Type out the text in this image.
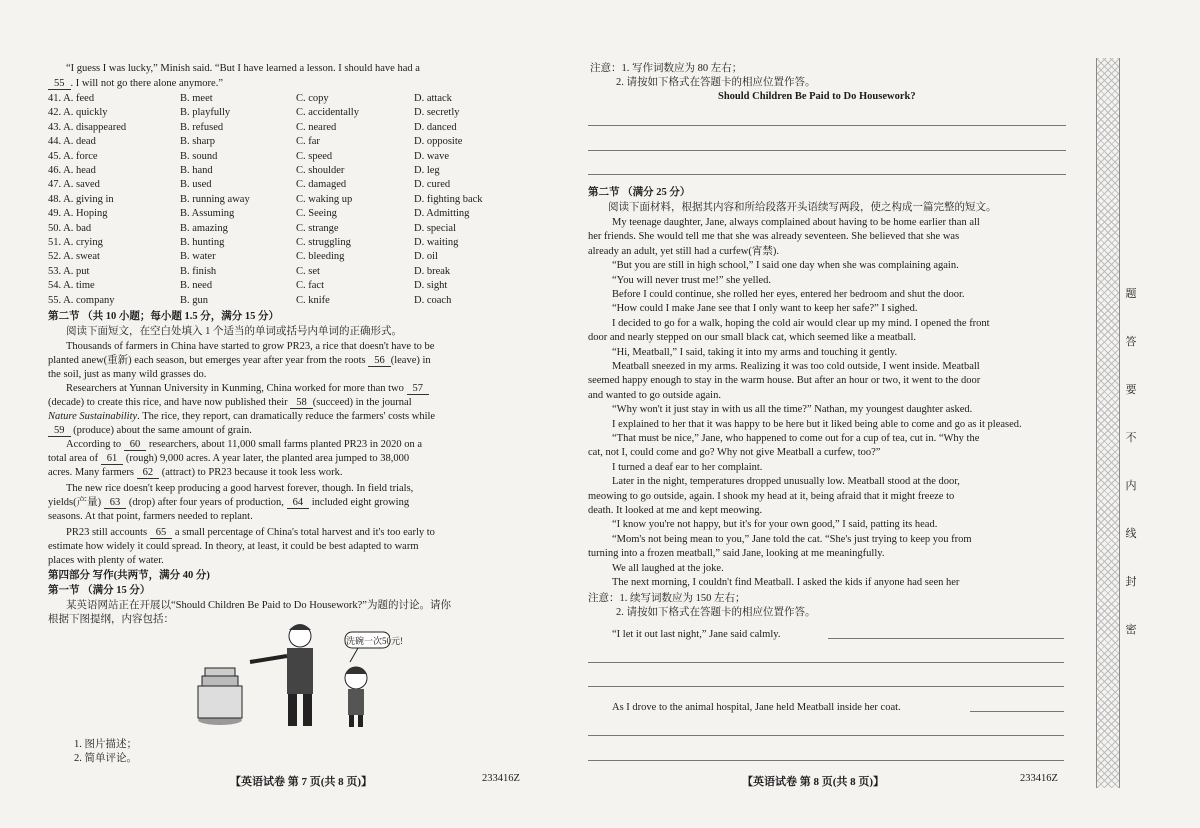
“I guess I was lucky,” Minish said. “But I have learned a lesson. I should have had a
55 . I will not go there alone anymore.”
41. A. feed	B. meet	C. copy	D. attack
42. A. quickly	B. playfully	C. accidentally	D. secretly
43. A. disappeared	B. refused	C. neared	D. danced
44. A. dead	B. sharp	C. far	D. opposite
45. A. force	B. sound	C. speed	D. wave
46. A. head	B. hand	C. shoulder	D. leg
47. A. saved	B. used	C. damaged	D. cured
48. A. giving in	B. running away	C. waking up	D. fighting back
49. A. Hoping	B. Assuming	C. Seeing	D. Admitting
50. A. bad	B. amazing	C. strange	D. special
51. A. crying	B. hunting	C. struggling	D. waiting
52. A. sweat	B. water	C. bleeding	D. oil
53. A. put	B. finish	C. set	D. break
54. A. time	B. need	C. fact	D. sight
55. A. company	B. gun	C. knife	D. coach
第二节 （共 10 小题；每小题 1.5 分，满分 15 分）
阅读下面短文，在空白处填入 1 个适当的单词或括号内单词的正确形式。
Thousands of farmers in China have started to grow PR23, a rice that doesn't have to be
planted anew(重新) each season, but emerges year after year from the roots 56 (leave) in
the soil, just as many wild grasses do.
Researchers at Yunnan University in Kunming, China worked for more than two 57
(decade) to create this rice, and have now published their 58 (succeed) in the journal
Nature Sustainability. The rice, they report, can dramatically reduce the farmers' costs while
59 (produce) about the same amount of grain.
According to 60 researchers, about 11,000 small farms planted PR23 in 2020 on a
total area of 61 (rough) 9,000 acres. A year later, the planted area jumped to 38,000
acres. Many farmers 62 (attract) to PR23 because it took less work.
The new rice doesn't keep producing a good harvest forever, though. In field trials,
yields(产量) 63 (drop) after four years of production, 64 included eight growing
seasons. At that point, farmers needed to replant.
PR23 still accounts 65 a small percentage of China's total harvest and it's too early to
estimate how widely it could spread. In theory, at least, it could be best adapted to warm
places with plenty of water.
第四部分 写作(共两节，满分 40 分)
第一节 （满分 15 分）
某英语网站正在开展以“Should Children Be Paid to Do Housework?”为题的讨论。请你
根据下图提纲，内容包括：
洗碗一次50元!
1. 图片描述；
2. 简单评论。
【英语试卷 第 7 页(共 8 页)】	233416Z
注意：1. 写作词数应为 80 左右；
2. 请按如下格式在答题卡的相应位置作答。
Should Children Be Paid to Do Housework?
第二节 （满分 25 分）
阅读下面材料，根据其内容和所给段落开头语续写两段，使之构成一篇完整的短文。
My teenage daughter, Jane, always complained about having to be home earlier than all
her friends. She would tell me that she was already seventeen. She believed that she was
already an adult, yet still had a curfew(宵禁).
“But you are still in high school,” I said one day when she was complaining again.
“You will never trust me!” she yelled.
Before I could continue, she rolled her eyes, entered her bedroom and shut the door.
“How could I make Jane see that I only want to keep her safe?” I sighed.
I decided to go for a walk, hoping the cold air would clear up my mind. I opened the front
door and nearly stepped on our small black cat, which seemed like a meatball.
“Hi, Meatball,” I said, taking it into my arms and touching it gently.
Meatball sneezed in my arms. Realizing it was too cold outside, I went inside. Meatball
seemed happy enough to stay in the warm house. But after an hour or two, it went to the door
and wanted to go outside again.
“Why won't it just stay in with us all the time?” Nathan, my youngest daughter asked.
I explained to her that it was happy to be here but it liked being able to come and go as it pleased.
“That must be nice,” Jane, who happened to come out for a cup of tea, cut in. “Why the
cat, not I, could come and go? Why not give Meatball a curfew, too?”
I turned a deaf ear to her complaint.
Later in the night, temperatures dropped unusually low. Meatball stood at the door,
meowing to go outside, again. I shook my head at it, being afraid that it might freeze to
death. It looked at me and kept meowing.
“I know you're not happy, but it's for your own good,” I said, patting its head.
“Mom's not being mean to you,” Jane told the cat. “She's just trying to keep you from
turning into a frozen meatball,” said Jane, looking at me meaningfully.
We all laughed at the joke.
The next morning, I couldn't find Meatball. I asked the kids if anyone had seen her
注意：1. 续写词数应为 150 左右；
2. 请按如下格式在答题卡的相应位置作答。
“I let it out last night,” Jane said calmly.
As I drove to the animal hospital, Jane held Meatball inside her coat.
【英语试卷 第 8 页(共 8 页)】	233416Z
题
答
要
不
内
线
封
密
